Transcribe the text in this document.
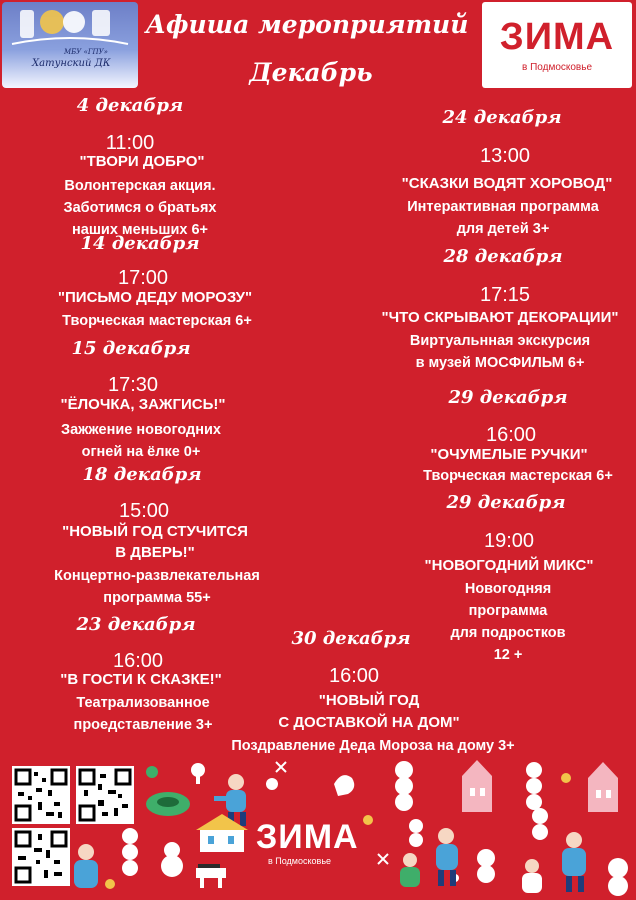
МБУ «ГПУ»
Хатунский ДК
ЗИМА
в Подмосковье
Афиша мероприятий
Декабрь
4 декабря
11:00
"ТВОРИ ДОБРО"
Волонтерская акция.
Заботимся о братьях
наших меньших 6+
14 декабря
17:00
"ПИСЬМО ДЕДУ МОРОЗУ"
Творческая мастерская 6+
15 декабря
17:30
"ЁЛОЧКА, ЗАЖГИСЬ!"
Зажжение новогодних
огней на ёлке 0+
18 декабря
15:00
"НОВЫЙ ГОД СТУЧИТСЯ
В ДВЕРЬ!"
Концертно-развлекательная
программа 55+
23 декабря
16:00
"В ГОСТИ К СКАЗКЕ!"
Театрализованное
проедставление 3+
24 декабря
13:00
"СКАЗКИ ВОДЯТ ХОРОВОД"
Интерактивная программа
для детей 3+
28 декабря
17:15
"ЧТО СКРЫВАЮТ ДЕКОРАЦИИ"
Виртуальнная экскурсия
в музей МОСФИЛЬМ 6+
29 декабря
16:00
"ОЧУМЕЛЫЕ РУЧКИ"
Творческая мастерская 6+
29 декабря
19:00
"НОВОГОДНИЙ МИКС"
Новогодняя
программа
для подростков
12 +
30 декабря
16:00
"НОВЫЙ ГОД
С ДОСТАВКОЙ НА ДОМ"
Поздравление Деда Мороза на дому 3+
ЗИМА
в Подмосковье
